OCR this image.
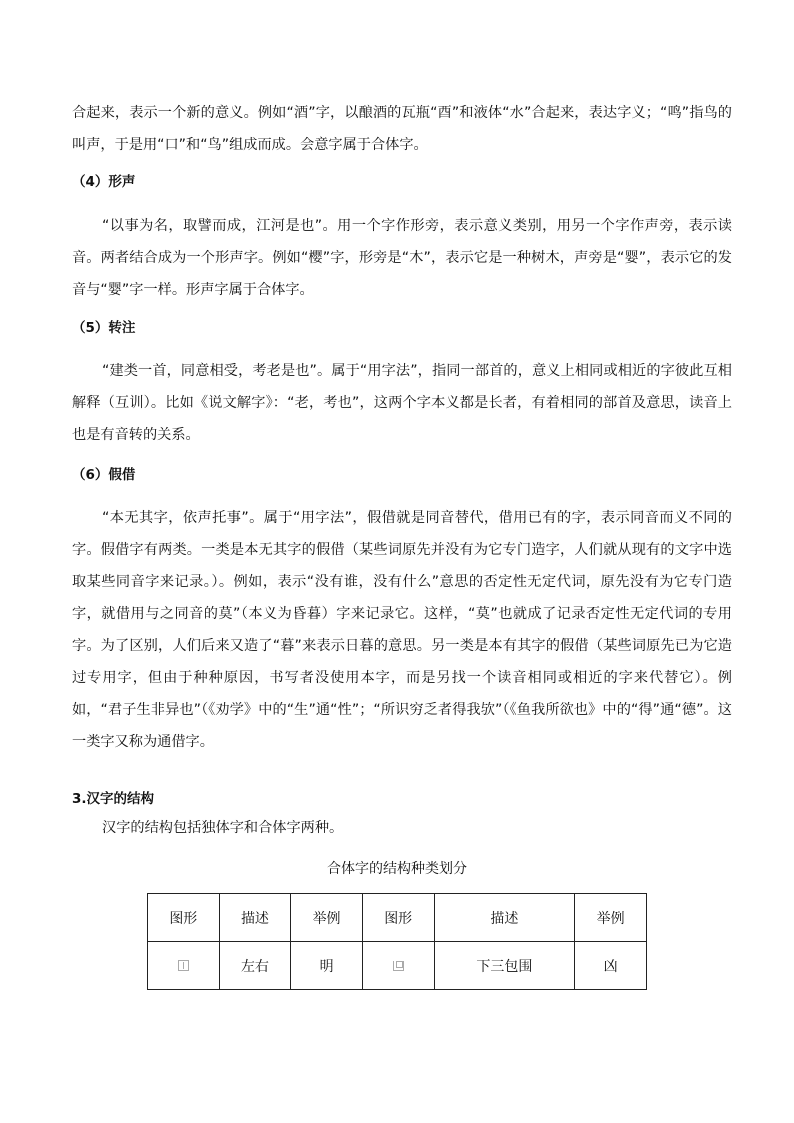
合起来，表示一个新的意义。例如“酒”字，以酿酒的瓦瓶“酉”和液体“水”合起来，表达字义；“鸣”指鸟的叫声，于是用“口”和“鸟”组成而成。会意字属于合体字。

（4）形声

“以事为名，取譬而成，江河是也”。用一个字作形旁，表示意义类别，用另一个字作声旁，表示读音。两者结合成为一个形声字。例如“樱”字，形旁是“木”，表示它是一种树木，声旁是“婴”，表示它的发音与“婴”字一样。形声字属于合体字。

（5）转注

“建类一首，同意相受，考老是也”。属于“用字法”，指同一部首的，意义上相同或相近的字彼此互相解释（互训）。比如《说文解字》：“老，考也”，这两个字本义都是长者，有着相同的部首及意思，读音上也是有音转的关系。

（6）假借

“本无其字，依声托事”。属于“用字法”，假借就是同音替代，借用已有的字，表示同音而义不同的字。假借字有两类。一类是本无其字的假借（某些词原先并没有为它专门造字，人们就从现有的文字中选取某些同音字来记录。）。例如，表示“没有谁，没有什么”意思的否定性无定代词，原先没有为它专门造字，就借用与之同音的莫”（本义为昏暮）字来记录它。这样，“莫”也就成了记录否定性无定代词的专用字。为了区别，人们后来又造了“暮”来表示日暮的意思。另一类是本有其字的假借（某些词原先已为它造过专用字，但由于种种原因，书写者没使用本字，而是另找一个读音相同或相近的字来代替它）。例如，“君子生非异也”（《劝学》中的“生”通“性”；“所识穷乏者得我欤”（《鱼我所欲也》中的“得”通“德”。这一类字又称为通借字。

3.汉字的结构

汉字的结构包括独体字和合体字两种。

合体字的结构种类划分

图形	描述	举例	图形	描述	举例
	左右	明		下三包围	凶
